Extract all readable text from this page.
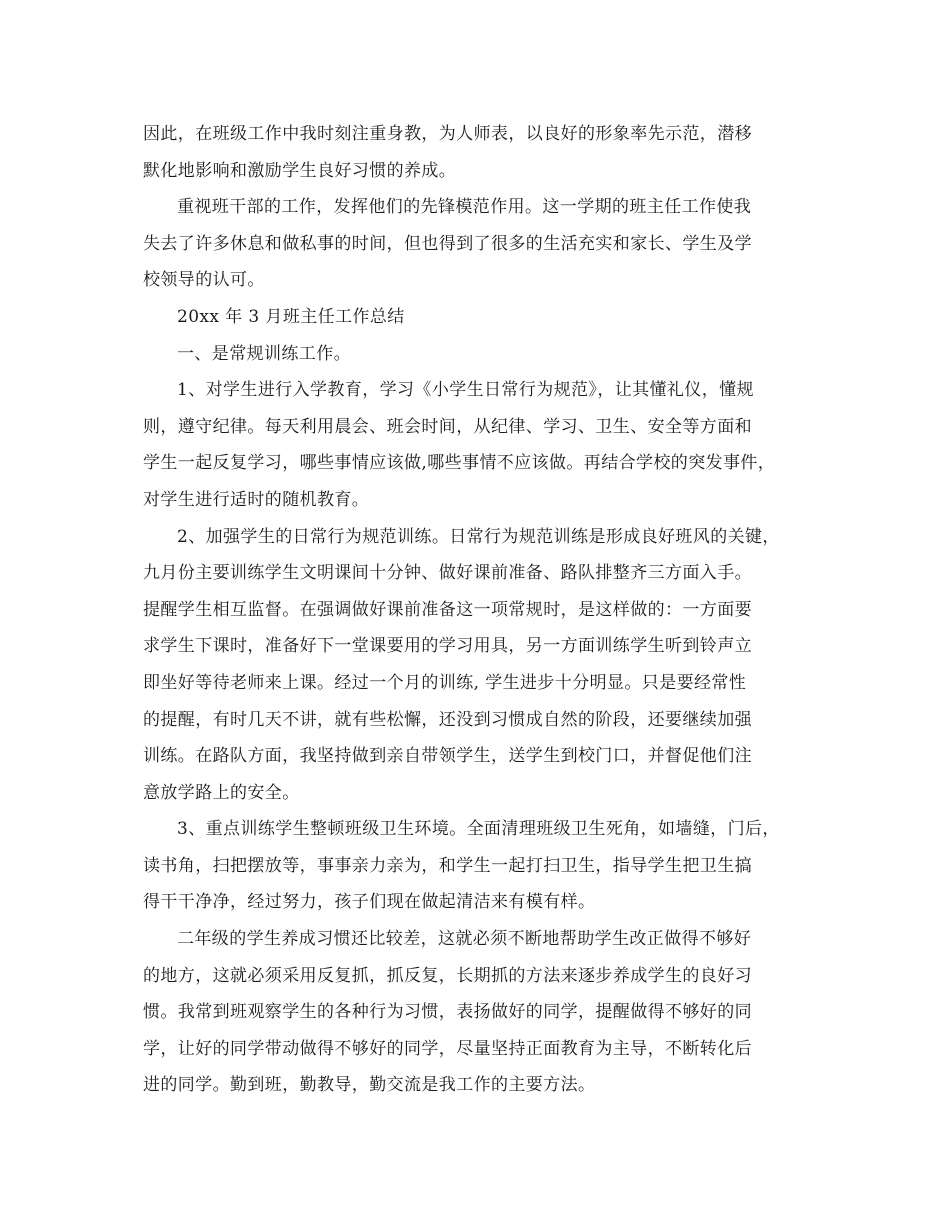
因此，在班级工作中我时刻注重身教，为人师表，以良好的形象率先示范，潜移
默化地影响和激励学生良好习惯的养成。
重视班干部的工作，发挥他们的先锋模范作用。这一学期的班主任工作使我
失去了许多休息和做私事的时间，但也得到了很多的生活充实和家长、学生及学
校领导的认可。
20xx 年 3 月班主任工作总结
一、是常规训练工作。
1、对学生进行入学教育，学习《小学生日常行为规范》，让其懂礼仪，懂规
则，遵守纪律。每天利用晨会、班会时间，从纪律、学习、卫生、安全等方面和
学生一起反复学习，哪些事情应该做,哪些事情不应该做。再结合学校的突发事件，
对学生进行适时的随机教育。
2、加强学生的日常行为规范训练。日常行为规范训练是形成良好班风的关键，
九月份主要训练学生文明课间十分钟、做好课前准备、路队排整齐三方面入手。
提醒学生相互监督。在强调做好课前准备这一项常规时，是这样做的：一方面要
求学生下课时，准备好下一堂课要用的学习用具，另一方面训练学生听到铃声立
即坐好等待老师来上课。经过一个月的训练, 学生进步十分明显。只是要经常性
的提醒，有时几天不讲，就有些松懈，还没到习惯成自然的阶段，还要继续加强
训练。在路队方面，我坚持做到亲自带领学生，送学生到校门口，并督促他们注
意放学路上的安全。
3、重点训练学生整顿班级卫生环境。全面清理班级卫生死角，如墙缝，门后，
读书角，扫把摆放等，事事亲力亲为，和学生一起打扫卫生，指导学生把卫生搞
得干干净净，经过努力，孩子们现在做起清洁来有模有样。
二年级的学生养成习惯还比较差，这就必须不断地帮助学生改正做得不够好
的地方，这就必须采用反复抓，抓反复，长期抓的方法来逐步养成学生的良好习
惯。我常到班观察学生的各种行为习惯，表扬做好的同学，提醒做得不够好的同
学，让好的同学带动做得不够好的同学，尽量坚持正面教育为主导，不断转化后
进的同学。勤到班，勤教导，勤交流是我工作的主要方法。
